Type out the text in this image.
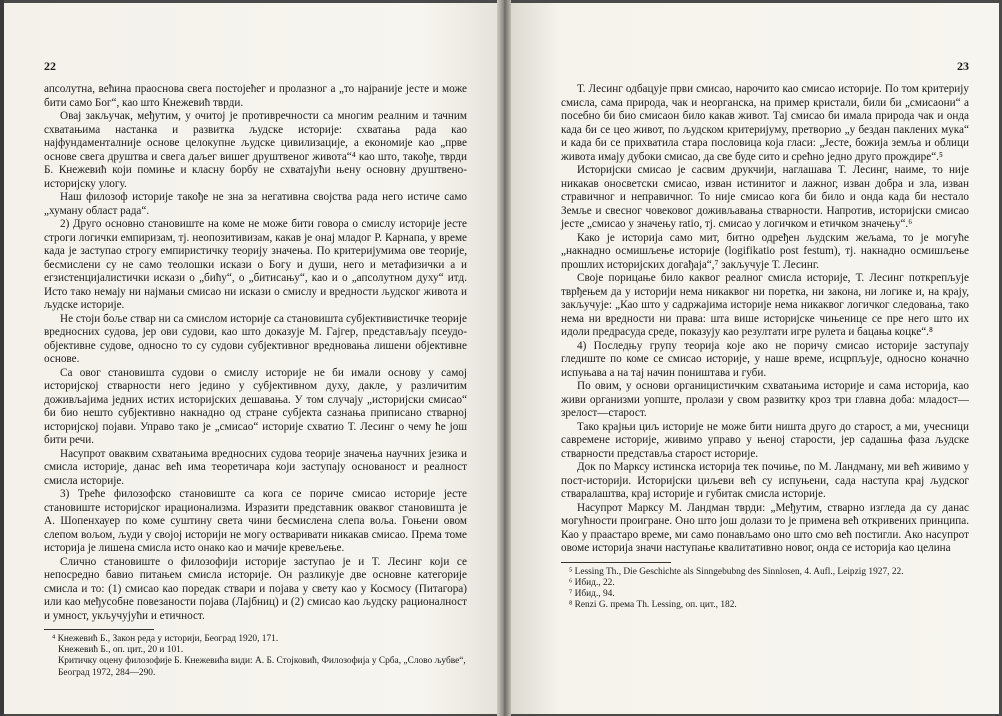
22

апсолутна, већина праоснова свега постојећег и пролазног а „то најраније јесте и може бити само Бог“, као што Кнежевић тврди.

Овај закључак, међутим, у очитој је противречности са многим реалним и тачним схватањима настанка и развитка људске историје: схватања рада као најфундаменталније основе целокупне људске цивилизације, а економије као „прве основе свега друштва и свега даљег вишег друштвеног живота“⁴ као што, такође, тврди Б. Кнежевић који помиње и класну борбу не схватајући њену основну друштвено-историјску улогу.

Наш филозоф историје такође не зна за негативна својства рада него истиче само „хуману област рада“.

2) Друго основно становиште на коме не може бити говора о смислу историје јесте строги логички емпиризам, тј. неопозитивизам, какав је онај младог Р. Карнапа, у време када је заступао строгу емпиристичку теорију значења. По критеријумима ове теорије, бесмислени су не само теолошки искази о Богу и души, него и метафизички а и егзистенцијалистички искази о „бићу“, о „битисању“, као и о „апсолутном духу“ итд. Исто тако немају ни најмањи смисао ни искази о смислу и вредности људског живота и људске историје.

Не стоји боље ствар ни са смислом историје са становишта субјективистичке теорије вредносних судова, јер ови судови, као што доказује М. Гајгер, представљају псеудо-објективне судове, односно то су судови субјективног вредновања лишени објективне основе.

Са овог становишта судови о смислу историје не би имали основу у самој историјској стварности него једино у субјективном духу, дакле, у различитим доживљајима једних истих историјских дешавања. У том случају „историјски смисао“ би био нешто субјективно накнадно од стране субјекта сазнања приписано стварној историјској појави. Управо тако је „смисао“ историје схватио Т. Лесинг о чему ће још бити речи.

Насупрот оваквим схватањима вредносних судова теорије значења научних језика и смисла историје, данас већ има теоретичара који заступају основаност и реалност смисла историје.

3) Треће филозофско становиште са кога се пориче смисао историје јесте становиште историјског ирационализма. Изразити представник оваквог становишта је А. Шопенхауер по коме суштину света чини бесмислена слепа воља. Гоњени овом слепом вољом, људи у својој историји не могу остваривати никакав смисао. Према томе историја је лишена смисла исто онако као и мачије кревељење.

Слично становиште о филозофији историје заступао је и Т. Лесинг који се непосредно бавио питањем смисла историје. Он разликује две основне категорије смисла и то: (1) смисао као поредак ствари и појава у свету као у Космосу (Питагора) или као међусобне повезаности појава (Лајбниц) и (2) смисао као људску рационалност и умност, укључујући и етичност.

⁴ Кнежевић Б., Закон реда у историји, Београд 1920, 171.

Кнежевић Б., оп. цит., 20 и 101.

Критичку оцену филозофије Б. Кнежевића види: А. Б. Стојковић, Филозофија у Срба, „Слово љубве“, Београд 1972, 284—290.

23

Т. Лесинг одбацује први смисао, нарочито као смисао историје. По том критерију смисла, сама природа, чак и неорганска, на пример кристали, били би „смисаони“ а посебно би био смисаон било какав живот. Тај смисао би имала природа чак и онда када би се цео живот, по људском критеријуму, претворио „у бездан паклених мука“ и када би се прихватила стара пословица која гласи: „Јесте, божија земља и облици живота имају дубоки смисао, да све буде сито и срећно једно друго прождире“.⁵

Историјски смисао је сасвим друкчији, наглашава Т. Лесинг, наиме, то није никакав оносветски смисао, изван истинитог и лажног, изван добра и зла, изван стравичног и неправичног. То није смисао кога би било и онда када би нестало Земље и свесног човековог доживљавања стварности. Напротив, историјски смисао јесте „смисао у значењу ratio, тј. смисао у логичком и етичком значењу“.⁶

Како је историја само мит, битно одређен људским жељама, то је могуће „накнадно осмишљење историје (logifikatio post festum), тј. накнадно осмишљење прошлих историјских догађаја“,⁷ закључује Т. Лесинг.

Своје порицање било каквог реалног смисла историје, Т. Лесинг поткрепљује тврђењем да у историји нема никаквог ни поретка, ни закона, ни логике и, на крају, закључује: „Као што у садржајима историје нема никаквог логичког следовања, тако нема ни вредности ни права: шта више историјске чињенице се пре него што их идоли предрасуда среде, показују као резултати игре рулета и бацања коцке“.⁸

4) Последњу групу теорија које ако не поричу смисао историје заступају гледиште по коме се смисао историје, у наше време, исцрпљује, односно коначно испуњава а на тај начин поништава и губи.

По овим, у основи органицистичким схватањима историје и сама историја, као живи организми уопште, пролази у свом развитку кроз три главна доба: младост—зрелост—старост.

Тако крајњи циљ историје не може бити ништа друго до старост, а ми, учесници савремене историје, живимо управо у њеној старости, јер садашња фаза људске стварности представља старост историје.

Док по Марксу истинска историја тек почиње, по М. Ландману, ми већ живимо у пост-историји. Историјски циљеви већ су испуњени, сада наступа крај људског стваралаштва, крај историје и губитак смисла историје.

Насупрот Марксу М. Ландман тврди: „Међутим, стварно изгледа да су данас могућности проигране. Оно што још долази то је примена већ откривених принципа. Као у праастаро време, ми само понављамо оно што смо већ постигли. Ако насупрот овоме историја значи наступање квалитативно новог, онда се историја као целина

⁵ Lessing Th., Die Geschichte als Sinngebubng des Sinnlosen, 4. Aufl., Leipzig 1927, 22.

⁶ Ибид., 22.

⁷ Ибид., 94.

⁸ Renzi G. према Th. Lessing, оп. цит., 182.
